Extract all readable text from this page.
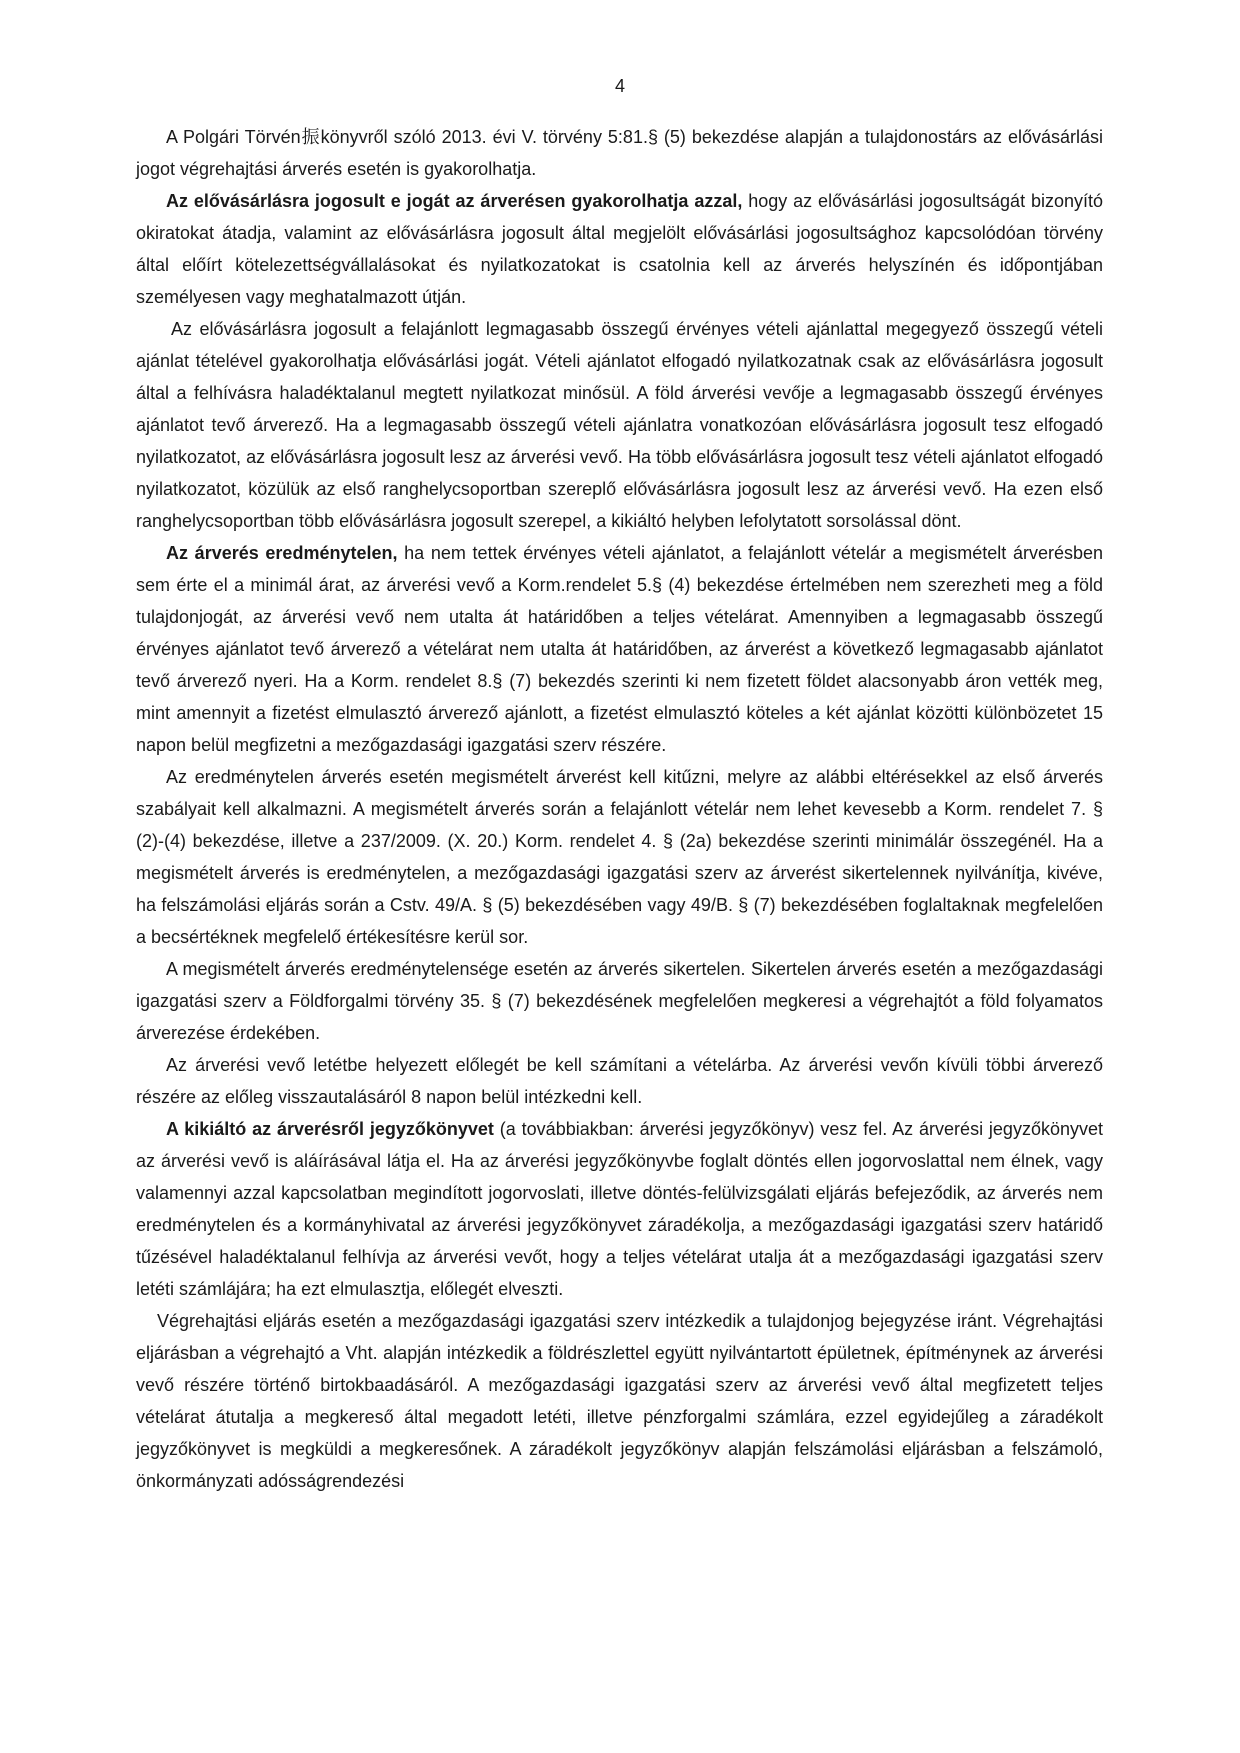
4

A Polgári Törvén振könyvről szóló 2013. évi V. törvény 5:81.§ (5) bekezdése alapján a tulajdonostárs az elővásárlási jogot végrehajtási árverés esetén is gyakorolhatja.

Az elővásárlásra jogosult e jogát az árverésen gyakorolhatja azzal, hogy az elővásárlási jogosultságát bizonyító okiratokat átadja, valamint az elővásárlásra jogosult által megjelölt elővásárlási jogosultsághoz kapcsolódóan törvény által előírt kötelezettségvállalásokat és nyilatkozatokat is csatolnia kell az árverés helyszínén és időpontjában személyesen vagy meghatalmazott útján.

Az elővásárlásra jogosult a felajánlott legmagasabb összegű érvényes vételi ajánlattal megegyező összegű vételi ajánlat tételével gyakorolhatja elővásárlási jogát. Vételi ajánlatot elfogadó nyilatkozatnak csak az elővásárlásra jogosult által a felhívásra haladéktalanul megtett nyilatkozat minősül. A föld árverési vevője a legmagasabb összegű érvényes ajánlatot tevő árverező. Ha a legmagasabb összegű vételi ajánlatra vonatkozóan elővásárlásra jogosult tesz elfogadó nyilatkozatot, az elővásárlásra jogosult lesz az árverési vevő. Ha több elővásárlásra jogosult tesz vételi ajánlatot elfogadó nyilatkozatot, közülük az első ranghelycsoportban szereplő elővásárlásra jogosult lesz az árverési vevő. Ha ezen első ranghelycsoportban több elővásárlásra jogosult szerepel, a kikiáltó helyben lefolytatott sorsolással dönt.

Az árverés eredménytelen, ha nem tettek érvényes vételi ajánlatot, a felajánlott vételár a megismételt árverésben sem érte el a minimál árat, az árverési vevő a Korm.rendelet 5.§ (4) bekezdése értelmében nem szerezheti meg a föld tulajdonjogát, az árverési vevő nem utalta át határidőben a teljes vételárat. Amennyiben a legmagasabb összegű érvényes ajánlatot tevő árverező a vételárat nem utalta át határidőben, az árverést a következő legmagasabb ajánlatot tevő árverező nyeri. Ha a Korm. rendelet 8.§ (7) bekezdés szerinti ki nem fizetett földet alacsonyabb áron vették meg, mint amennyit a fizetést elmulasztó árverező ajánlott, a fizetést elmulasztó köteles a két ajánlat közötti különbözetet 15 napon belül megfizetni a mezőgazdasági igazgatási szerv részére.

Az eredménytelen árverés esetén megismételt árverést kell kitűzni, melyre az alábbi eltérésekkel az első árverés szabályait kell alkalmazni. A megismételt árverés során a felajánlott vételár nem lehet kevesebb a Korm. rendelet 7. § (2)-(4) bekezdése, illetve a 237/2009. (X. 20.) Korm. rendelet 4. § (2a) bekezdése szerinti minimálár összegénél. Ha a megismételt árverés is eredménytelen, a mezőgazdasági igazgatási szerv az árverést sikertelennek nyilvánítja, kivéve, ha felszámolási eljárás során a Cstv. 49/A. § (5) bekezdésében vagy 49/B. § (7) bekezdésében foglaltaknak megfelelően a becsértéknek megfelelő értékesítésre kerül sor.

A megismételt árverés eredménytelensége esetén az árverés sikertelen. Sikertelen árverés esetén a mezőgazdasági igazgatási szerv a Földforgalmi törvény 35. § (7) bekezdésének megfelelően megkeresi a végrehajtót a föld folyamatos árverezése érdekében.

Az árverési vevő letétbe helyezett előlegét be kell számítani a vételárba. Az árverési vevőn kívüli többi árverező részére az előleg visszautalásáról 8 napon belül intézkedni kell.

A kikiáltó az árverésről jegyzőkönyvet (a továbbiakban: árverési jegyzőkönyv) vesz fel. Az árverési jegyzőkönyvet az árverési vevő is aláírásával látja el. Ha az árverési jegyzőkönyvbe foglalt döntés ellen jogorvoslattal nem élnek, vagy valamennyi azzal kapcsolatban megindított jogorvoslati, illetve döntés-felülvizsgálati eljárás befejeződik, az árverés nem eredménytelen és a kormányhivatal az árverési jegyzőkönyvet záradékolja, a mezőgazdasági igazgatási szerv határidő tűzésével haladéktalanul felhívja az árverési vevőt, hogy a teljes vételárat utalja át a mezőgazdasági igazgatási szerv letéti számlájára; ha ezt elmulasztja, előlegét elveszti.

Végrehajtási eljárás esetén a mezőgazdasági igazgatási szerv intézkedik a tulajdonjog bejegyzése iránt. Végrehajtási eljárásban a végrehajtó a Vht. alapján intézkedik a földrészlettel együtt nyilvántartott épületnek, építménynek az árverési vevő részére történő birtokbaadásáról. A mezőgazdasági igazgatási szerv az árverési vevő által megfizetett teljes vételárat átutalja a megkereső által megadott letéti, illetve pénzforgalmi számlára, ezzel egyidejűleg a záradékolt jegyzőkönyvet is megküldi a megkeresőnek. A záradékolt jegyzőkönyv alapján felszámolási eljárásban a felszámoló, önkormányzati adósságrendezési
